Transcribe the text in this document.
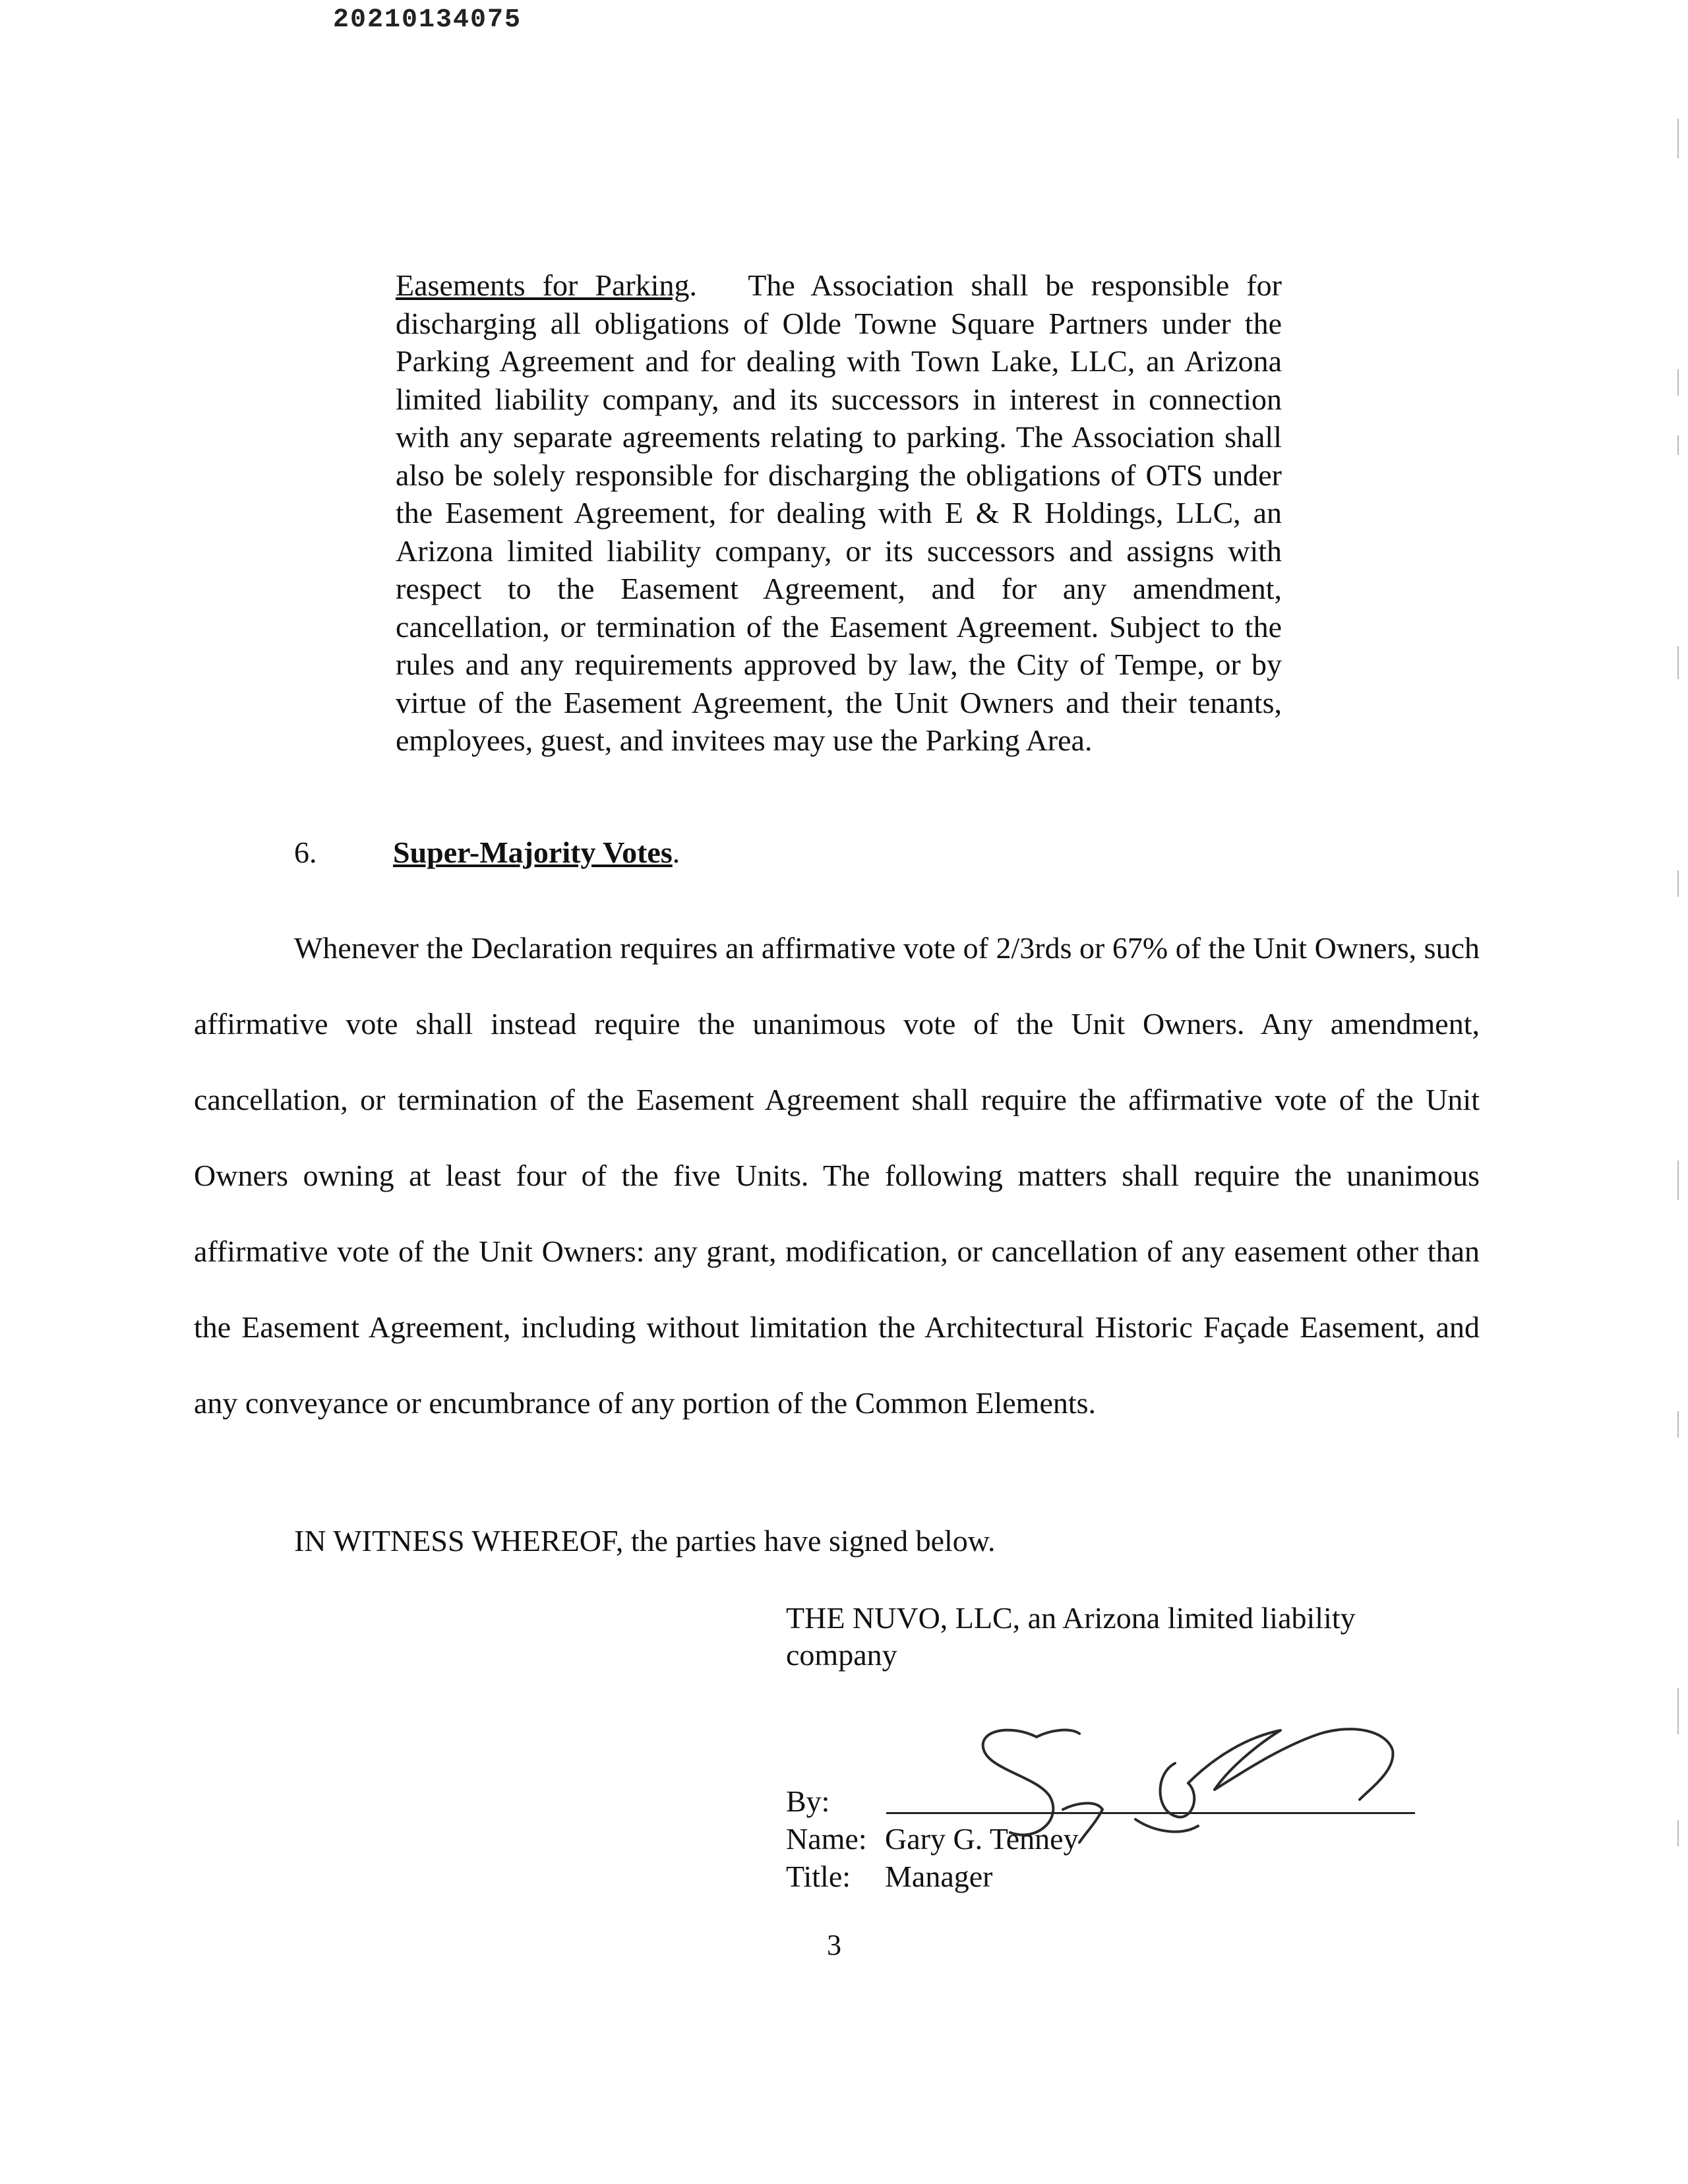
20210134075

Easements for Parking. The Association shall be responsible for discharging all obligations of Olde Towne Square Partners under the Parking Agreement and for dealing with Town Lake, LLC, an Arizona limited liability company, and its successors in interest in connection with any separate agreements relating to parking. The Association shall also be solely responsible for discharging the obligations of OTS under the Easement Agreement, for dealing with E & R Holdings, LLC, an Arizona limited liability company, or its successors and assigns with respect to the Easement Agreement, and for any amendment, cancellation, or termination of the Easement Agreement. Subject to the rules and any requirements approved by law, the City of Tempe, or by virtue of the Easement Agreement, the Unit Owners and their tenants, employees, guest, and invitees may use the Parking Area.

6.	Super-Majority Votes.

Whenever the Declaration requires an affirmative vote of 2/3rds or 67% of the Unit Owners, such affirmative vote shall instead require the unanimous vote of the Unit Owners. Any amendment, cancellation, or termination of the Easement Agreement shall require the affirmative vote of the Unit Owners owning at least four of the five Units. The following matters shall require the unanimous affirmative vote of the Unit Owners: any grant, modification, or cancellation of any easement other than the Easement Agreement, including without limitation the Architectural Historic Façade Easement, and any conveyance or encumbrance of any portion of the Common Elements.

IN WITNESS WHEREOF, the parties have signed below.

THE NUVO, LLC, an Arizona limited liability company

By:
Name: Gary G. Tenney
Title: Manager
3
